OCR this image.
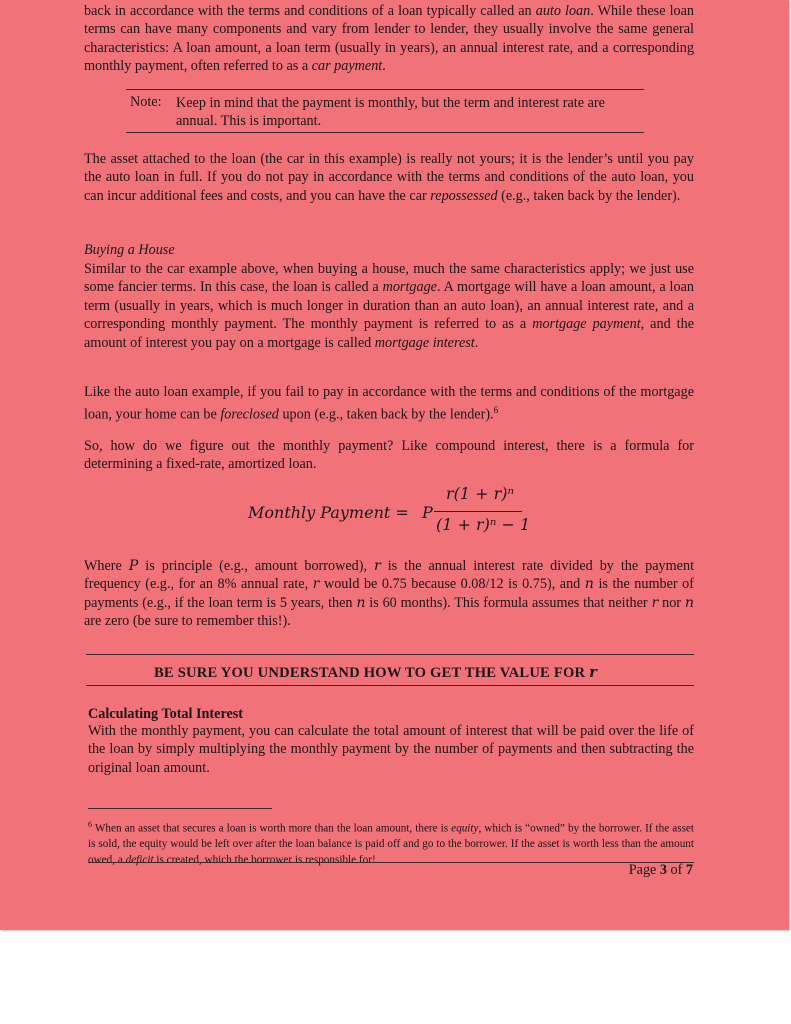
back in accordance with the terms and conditions of a loan typically called an auto loan. While these loan terms can have many components and vary from lender to lender, they usually involve the same general characteristics: A loan amount, a loan term (usually in years), an annual interest rate, and a corresponding monthly payment, often referred to as a car payment.

Note: Keep in mind that the payment is monthly, but the term and interest rate are annual. This is important.

The asset attached to the loan (the car in this example) is really not yours; it is the lender’s until you pay the auto loan in full. If you do not pay in accordance with the terms and conditions of the auto loan, you can incur additional fees and costs, and you can have the car repossessed (e.g., taken back by the lender).

Buying a House

Similar to the car example above, when buying a house, much the same characteristics apply; we just use some fancier terms. In this case, the loan is called a mortgage. A mortgage will have a loan amount, a loan term (usually in years, which is much longer in duration than an auto loan), an annual interest rate, and a corresponding monthly payment. The monthly payment is referred to as a mortgage payment, and the amount of interest you pay on a mortgage is called mortgage interest.

Like the auto loan example, if you fail to pay in accordance with the terms and conditions of the mortgage loan, your home can be foreclosed upon (e.g., taken back by the lender).$^6$

So, how do we figure out the monthly payment? Like compound interest, there is a formula for determining a fixed-rate, amortized loan.

Monthly Payment = P
r(1 + r)ⁿ
(1 + r)ⁿ − 1

Where P is principle (e.g., amount borrowed), r is the annual interest rate divided by the payment frequency (e.g., for an 8% annual rate, r would be 0.75 because 0.08/12 is 0.75), and n is the number of payments (e.g., if the loan term is 5 years, then n is 60 months). This formula assumes that neither r nor n are zero (be sure to remember this!).

BE SURE YOU UNDERSTAND HOW TO GET THE VALUE FOR r
Calculating Total Interest

With the monthly payment, you can calculate the total amount of interest that will be paid over the life of the loan by simply multiplying the monthly payment by the number of payments and then subtracting the original loan amount.

$^6$ When an asset that secures a loan is worth more than the loan amount, there is equity, which is “owned” by the borrower. If the asset is sold, the equity would be left over after the loan balance is paid off and go to the borrower. If the asset is worth less than the amount owed, a deficit is created, which the borrower is responsible for!

Page 3 of 7
